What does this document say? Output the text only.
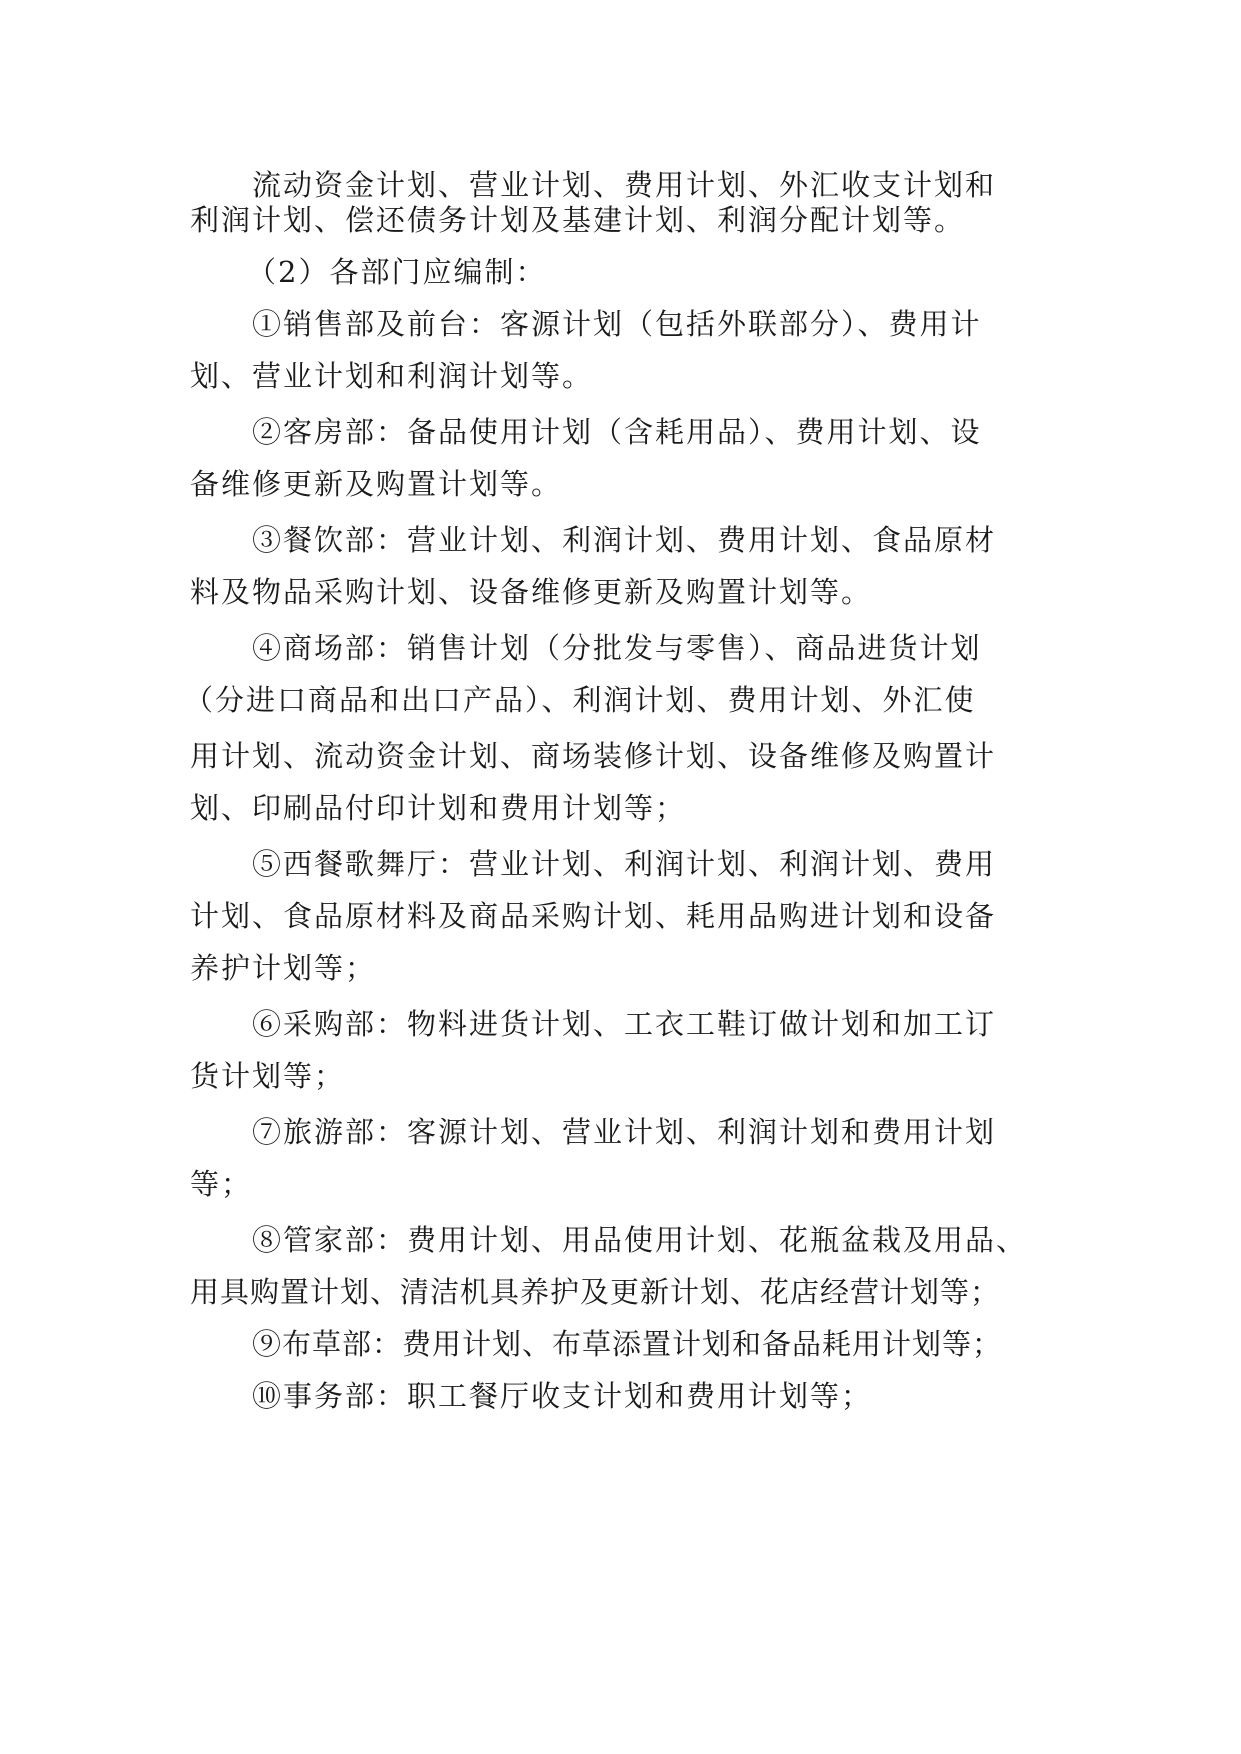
流动资金计划、营业计划、费用计划、外汇收支计划和
利润计划、偿还债务计划及基建计划、利润分配计划等。
（2）各部门应编制：
①销售部及前台：客源计划（包括外联部分）、费用计
划、营业计划和利润计划等。
②客房部：备品使用计划（含耗用品）、费用计划、设
备维修更新及购置计划等。
③餐饮部：营业计划、利润计划、费用计划、食品原材
料及物品采购计划、设备维修更新及购置计划等。
④商场部：销售计划（分批发与零售）、商品进货计划
（分进口商品和出口产品）、利润计划、费用计划、外汇使
用计划、流动资金计划、商场装修计划、设备维修及购置计
划、印刷品付印计划和费用计划等；
⑤西餐歌舞厅：营业计划、利润计划、利润计划、费用
计划、食品原材料及商品采购计划、耗用品购进计划和设备
养护计划等；
⑥采购部：物料进货计划、工衣工鞋订做计划和加工订
货计划等；
⑦旅游部：客源计划、营业计划、利润计划和费用计划
等；
⑧管家部：费用计划、用品使用计划、花瓶盆栽及用品、
用具购置计划、清洁机具养护及更新计划、花店经营计划等；
⑨布草部：费用计划、布草添置计划和备品耗用计划等；
⑩事务部：职工餐厅收支计划和费用计划等；
